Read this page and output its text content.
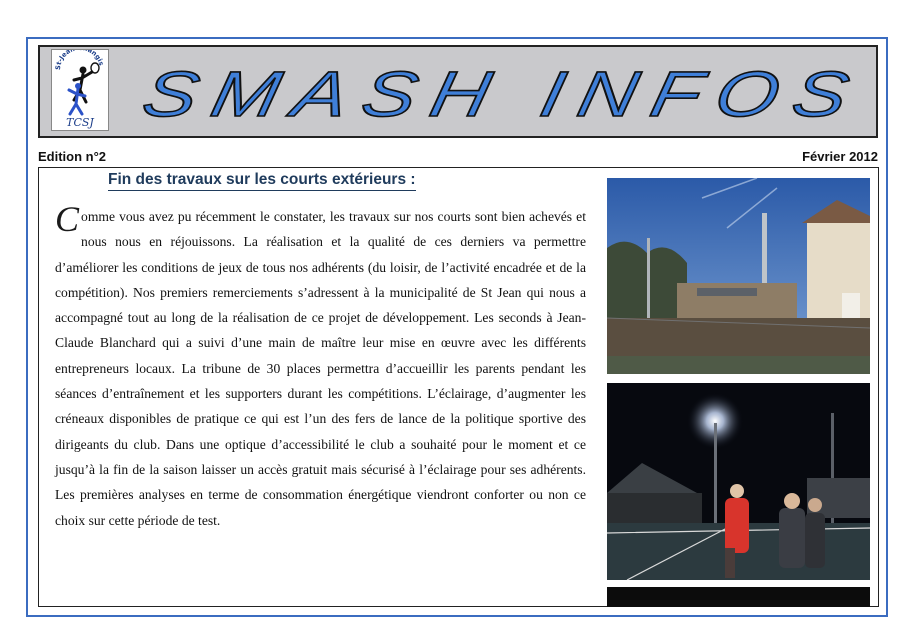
St-Jea angis
TCSJ SMASH INFOS
Edition n°2	Février 2012
Fin des travaux sur les courts extérieurs :
Comme vous avez pu récemment le constater, les travaux sur nos courts sont bien achevés et nous nous en réjouissons. La réalisation et la qualité de ces derniers va permettre d’améliorer les conditions de jeux de tous nos adhérents (du loisir, de l’activité encadrée et de la compétition). Nos premiers remerciements s’adressent à la municipalité de St Jean qui nous a accompagné tout au long de la réalisation de ce projet de développement. Les seconds à Jean-Claude Blanchard qui a suivi d’une main de maître leur mise en œuvre avec les différents entrepreneurs locaux. La tribune de 30 places permettra d’accueillir les parents pendant les séances d’entraînement et les supporters durant les compétitions. L’éclairage, d’augmenter les créneaux disponibles de pratique ce qui est l’un des fers de lance de la politique sportive des dirigeants du club. Dans une optique d’accessibilité le club a souhaité pour le moment et ce jusqu’à la fin de la saison laisser un accès gratuit mais sécurisé à l’éclairage pour ses adhérents. Les premières analyses en terme de consommation énergétique viendront conforter ou non ce choix sur cette période de test.
